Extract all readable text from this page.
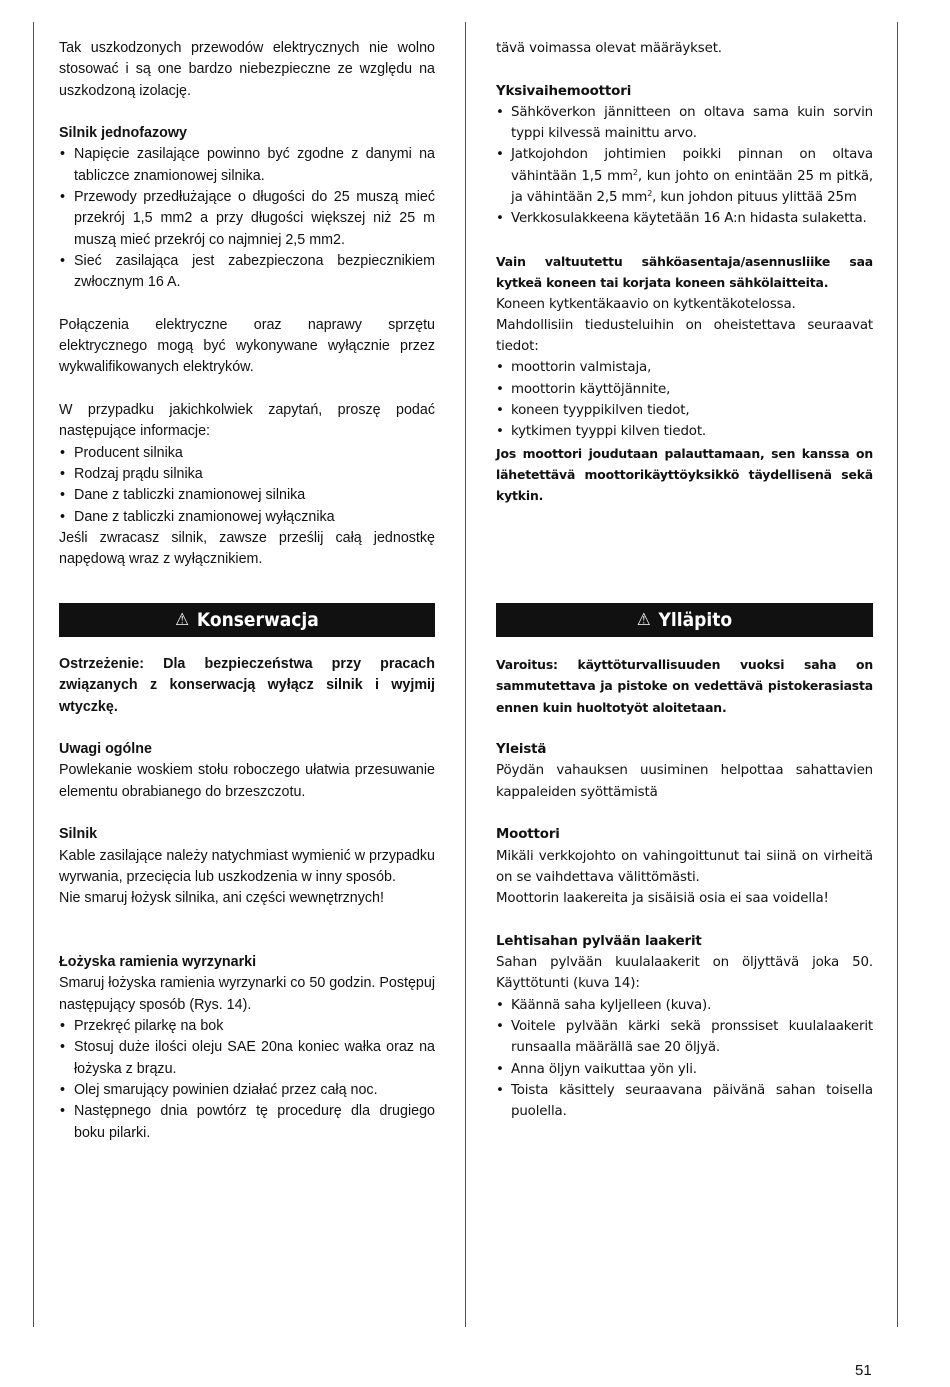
Tak uszkodzonych przewodów elektrycznych nie wolno stosować i są one bardzo niebezpieczne ze względu na uszkodzoną izolację.

Silnik jednofazowy

• Napięcie zasilające powinno być zgodne z danymi na tabliczce znamionowej silnika.
• Przewody przedłużające o długości do 25 muszą mieć przekrój 1,5 mm2 a przy długości większej niż 25 m muszą mieć przekrój co najmniej 2,5 mm2.
• Sieć zasilająca jest zabezpieczona bezpiecznikiem zwłocznym 16 A.

Połączenia elektryczne oraz naprawy sprzętu elektrycznego mogą być wykonywane wyłącznie przez wykwalifikowanych elektryków.

W przypadku jakichkolwiek zapytań, proszę podać następujące informacje:

• Producent silnika
• Rodzaj prądu silnika
• Dane z tabliczki znamionowej silnika
• Dane z tabliczki znamionowej wyłącznika

Jeśli zwracasz silnik, zawsze prześlij całą jednostkę napędową wraz z wyłącznikiem.

⚠ Konserwacja

Ostrzeżenie: Dla bezpieczeństwa przy pracach związanych z konserwacją wyłącz silnik i wyjmij wtyczkę.

Uwagi ogólne

Powlekanie woskiem stołu roboczego ułatwia przesuwanie elementu obrabianego do brzeszczotu.

Silnik

Kable zasilające należy natychmiast wymienić w przypadku wyrwania, przecięcia lub uszkodzenia w inny sposób.

Nie smaruj łożysk silnika, ani części wewnętrznych!

Łożyska ramienia wyrzynarki

Smaruj łożyska ramienia wyrzynarki co 50 godzin. Postępuj następujący sposób (Rys. 14).

• Przekręć pilarkę na bok
• Stosuj duże ilości oleju SAE 20na koniec wałka oraz na łożyska z brązu.
• Olej smarujący powinien działać przez całą noc.
• Następnego dnia powtórz tę procedurę dla drugiego boku pilarki.

tävä voimassa olevat määräykset.

Yksivaihemoottori

• Sähköverkon jännitteen on oltava sama kuin sorvin typpi kilvessä mainittu arvo.
• Jatkojohdon johtimien poikki pinnan on oltava vähintään 1,5 $mm^2$, kun johto on enintään 25 m pitkä, ja vähintään 2,5 $mm^2$, kun johdon pituus ylittää 25m
• Verkkosulakkeena käytetään 16 A:n hidasta sulaketta.

Vain valtuutettu sähköasentaja/asennusliike saa kytkeä koneen tai korjata koneen sähkölaitteita.

Koneen kytkentäkaavio on kytkentäkotelossa.

Mahdollisiin tiedusteluihin on oheistettava seuraavat tiedot:

• moottorin valmistaja,
• moottorin käyttöjännite,
• koneen tyyppikilven tiedot,
• kytkimen tyyppi kilven tiedot.

Jos moottori joudutaan palauttamaan, sen kanssa on lähetettävä moottorikäyttöyksikkö täydellisenä sekä kytkin.

⚠ Ylläpito

Varoitus: käyttöturvallisuuden vuoksi saha on sammutettava ja pistoke on vedettävä pistokerasiasta ennen kuin huoltotyöt aloitetaan.

Yleistä

Pöydän vahauksen uusiminen helpottaa sahattavien kappaleiden syöttämistä

Moottori

Mikäli verkkojohto on vahingoittunut tai siinä on virheitä on se vaihdettava välittömästi.

Moottorin laakereita ja sisäisiä osia ei saa voidella!

Lehtisahan pylvään laakerit

Sahan pylvään kuulalaakerit on öljyttävä joka 50. Käyttötunti (kuva 14):

• Käännä saha kyljelleen (kuva).
• Voitele pylvään kärki sekä pronssiset kuulalaakerit runsaalla määrällä sae 20 öljyä.
• Anna öljyn vaikuttaa yön yli.
• Toista käsittely seuraavana päivänä sahan toisella puolella.
51
